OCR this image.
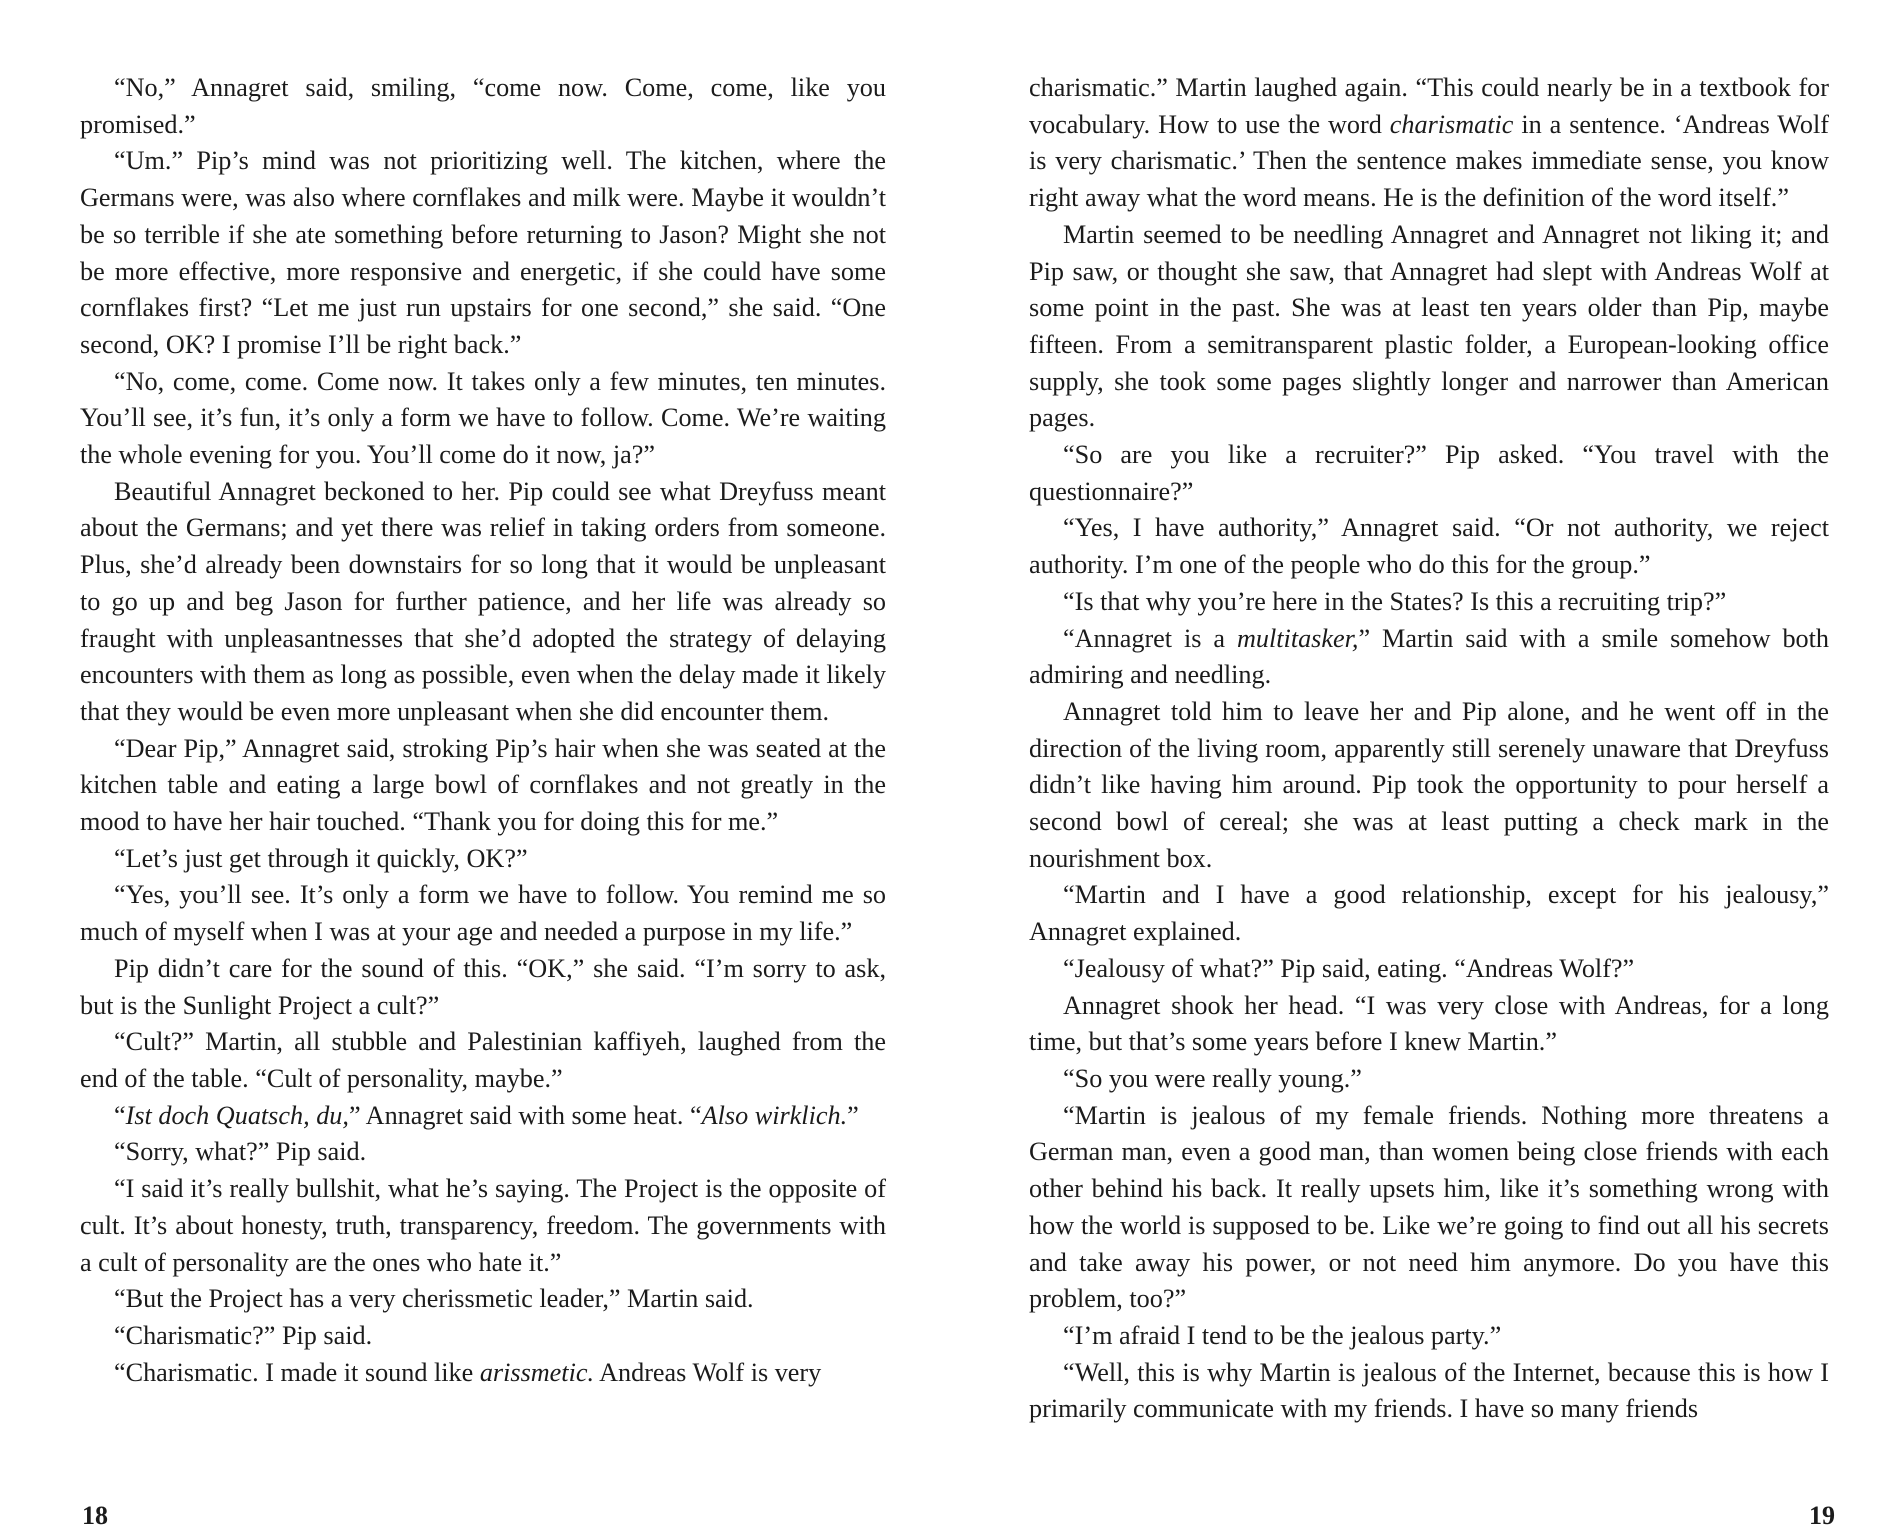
“No,” Annagret said, smiling, “come now. Come, come, like you promised.”

“Um.” Pip’s mind was not prioritizing well. The kitchen, where the Germans were, was also where cornflakes and milk were. Maybe it wouldn’t be so terrible if she ate something before returning to Jason? Might she not be more effective, more responsive and energetic, if she could have some cornflakes first? “Let me just run upstairs for one second,” she said. “One second, OK? I promise I’ll be right back.”

“No, come, come. Come now. It takes only a few minutes, ten minutes. You’ll see, it’s fun, it’s only a form we have to follow. Come. We’re waiting the whole evening for you. You’ll come do it now, ja?”

Beautiful Annagret beckoned to her. Pip could see what Dreyfuss meant about the Germans; and yet there was relief in taking orders from someone. Plus, she’d already been downstairs for so long that it would be unpleasant to go up and beg Jason for further patience, and her life was already so fraught with unpleasantnesses that she’d adopted the strategy of delaying encounters with them as long as possible, even when the delay made it likely that they would be even more unpleasant when she did encounter them.

“Dear Pip,” Annagret said, stroking Pip’s hair when she was seated at the kitchen table and eating a large bowl of cornflakes and not greatly in the mood to have her hair touched. “Thank you for doing this for me.”

“Let’s just get through it quickly, OK?”

“Yes, you’ll see. It’s only a form we have to follow. You remind me so much of myself when I was at your age and needed a purpose in my life.”

Pip didn’t care for the sound of this. “OK,” she said. “I’m sorry to ask, but is the Sunlight Project a cult?”

“Cult?” Martin, all stubble and Palestinian kaffiyeh, laughed from the end of the table. “Cult of personality, maybe.”

“Ist doch Quatsch, du,” Annagret said with some heat. “Also wirklich.”

“Sorry, what?” Pip said.

“I said it’s really bullshit, what he’s saying. The Project is the opposite of cult. It’s about honesty, truth, transparency, freedom. The governments with a cult of personality are the ones who hate it.”

“But the Project has a very cherissmetic leader,” Martin said.

“Charismatic?” Pip said.

“Charismatic. I made it sound like arissmetic. Andreas Wolf is very

18

charismatic.” Martin laughed again. “This could nearly be in a textbook for vocabulary. How to use the word charismatic in a sentence. ‘Andreas Wolf is very charismatic.’ Then the sentence makes immediate sense, you know right away what the word means. He is the definition of the word itself.”

Martin seemed to be needling Annagret and Annagret not liking it; and Pip saw, or thought she saw, that Annagret had slept with Andreas Wolf at some point in the past. She was at least ten years older than Pip, maybe fifteen. From a semitransparent plastic folder, a European-looking office supply, she took some pages slightly longer and narrower than American pages.

“So are you like a recruiter?” Pip asked. “You travel with the questionnaire?”

“Yes, I have authority,” Annagret said. “Or not authority, we reject authority. I’m one of the people who do this for the group.”

“Is that why you’re here in the States? Is this a recruiting trip?”

“Annagret is a multitasker,” Martin said with a smile somehow both admiring and needling.

Annagret told him to leave her and Pip alone, and he went off in the direction of the living room, apparently still serenely unaware that Dreyfuss didn’t like having him around. Pip took the opportunity to pour herself a second bowl of cereal; she was at least putting a check mark in the nourishment box.

“Martin and I have a good relationship, except for his jealousy,” Annagret explained.

“Jealousy of what?” Pip said, eating. “Andreas Wolf?”

Annagret shook her head. “I was very close with Andreas, for a long time, but that’s some years before I knew Martin.”

“So you were really young.”

“Martin is jealous of my female friends. Nothing more threatens a German man, even a good man, than women being close friends with each other behind his back. It really upsets him, like it’s something wrong with how the world is supposed to be. Like we’re going to find out all his secrets and take away his power, or not need him anymore. Do you have this problem, too?”

“I’m afraid I tend to be the jealous party.”

“Well, this is why Martin is jealous of the Internet, because this is how I primarily communicate with my friends. I have so many friends

19
